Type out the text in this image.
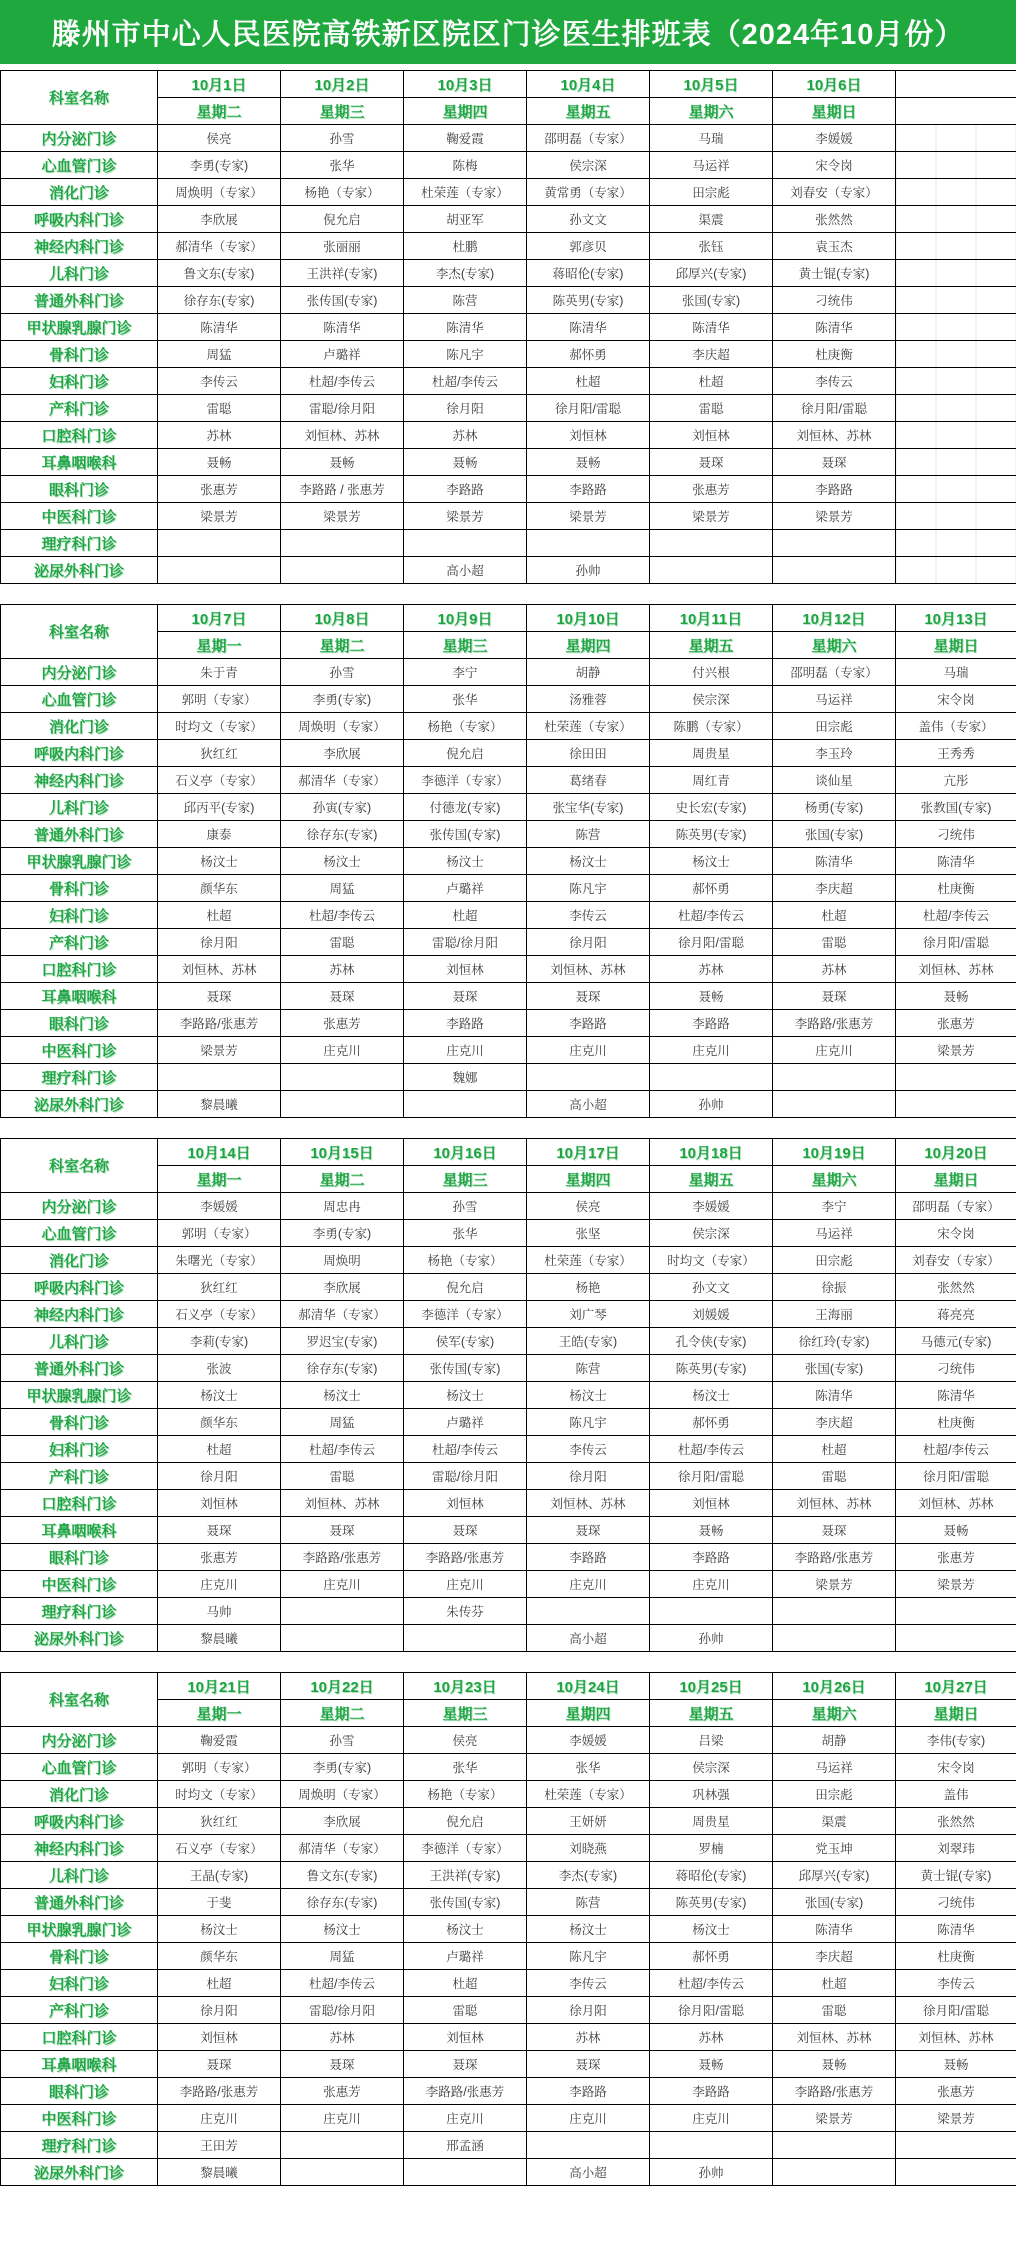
滕州市中心人民医院高铁新区院区门诊医生排班表（2024年10月份）
科室名称	10月1日	10月2日	10月3日	10月4日	10月5日	10月6日	
	星期二	星期三	星期四	星期五	星期六	星期日	
内分泌门诊	侯亮	孙雪	鞠爱霞	邵明磊（专家）	马瑞	李媛媛	
心血管门诊	李勇(专家)	张华	陈梅	侯宗深	马运祥	宋令岗	
消化门诊	周焕明（专家）	杨艳（专家）	杜荣莲（专家）	黄常勇（专家）	田宗彪	刘春安（专家）	
呼吸内科门诊	李欣展	倪允启	胡亚军	孙文文	渠震	张然然	
神经内科门诊	郝清华（专家）	张丽丽	杜鹏	郭彦贝	张钰	袁玉杰	
儿科门诊	鲁文东(专家)	王洪祥(专家)	李杰(专家)	蒋昭伦(专家)	邱厚兴(专家)	黄士锟(专家)	
普通外科门诊	徐存东(专家)	张传国(专家)	陈营	陈英男(专家)	张国(专家)	刁统伟	
甲状腺乳腺门诊	陈清华	陈清华	陈清华	陈清华	陈清华	陈清华	
骨科门诊	周猛	卢璐祥	陈凡宇	郝怀勇	李庆超	杜庚衡	
妇科门诊	李传云	杜超/李传云	杜超/李传云	杜超	杜超	李传云	
产科门诊	雷聪	雷聪/徐月阳	徐月阳	徐月阳/雷聪	雷聪	徐月阳/雷聪	
口腔科门诊	苏林	刘恒林、苏林	苏林	刘恒林	刘恒林	刘恒林、苏林	
耳鼻咽喉科	聂畅	聂畅	聂畅	聂畅	聂琛	聂琛	
眼科门诊	张惠芳	李路路 / 张惠芳	李路路	李路路	张惠芳	李路路	
中医科门诊	梁景芳	梁景芳	梁景芳	梁景芳	梁景芳	梁景芳	
理疗科门诊							
泌尿外科门诊			高小超	孙帅			
科室名称	10月7日	10月8日	10月9日	10月10日	10月11日	10月12日	10月13日
	星期一	星期二	星期三	星期四	星期五	星期六	星期日
内分泌门诊	朱于青	孙雪	李宁	胡静	付兴根	邵明磊（专家）	马瑞
心血管门诊	郭明（专家）	李勇(专家)	张华	汤雅蓉	侯宗深	马运祥	宋令岗
消化门诊	时均文（专家）	周焕明（专家）	杨艳（专家）	杜荣莲（专家）	陈鹏（专家）	田宗彪	盖伟（专家）
呼吸内科门诊	狄红红	李欣展	倪允启	徐田田	周贵星	李玉玲	王秀秀
神经内科门诊	石义亭（专家）	郝清华（专家）	李德洋（专家）	葛绪春	周红青	谈仙星	亢彤
儿科门诊	邱丙平(专家)	孙寅(专家)	付德龙(专家)	张宝华(专家)	史长宏(专家)	杨勇(专家)	张教国(专家)
普通外科门诊	康泰	徐存东(专家)	张传国(专家)	陈营	陈英男(专家)	张国(专家)	刁统伟
甲状腺乳腺门诊	杨汶士	杨汶士	杨汶士	杨汶士	杨汶士	陈清华	陈清华
骨科门诊	颜华东	周猛	卢璐祥	陈凡宇	郝怀勇	李庆超	杜庚衡
妇科门诊	杜超	杜超/李传云	杜超	李传云	杜超/李传云	杜超	杜超/李传云
产科门诊	徐月阳	雷聪	雷聪/徐月阳	徐月阳	徐月阳/雷聪	雷聪	徐月阳/雷聪
口腔科门诊	刘恒林、苏林	苏林	刘恒林	刘恒林、苏林	苏林	苏林	刘恒林、苏林
耳鼻咽喉科	聂琛	聂琛	聂琛	聂琛	聂畅	聂琛	聂畅
眼科门诊	李路路/张惠芳	张惠芳	李路路	李路路	李路路	李路路/张惠芳	张惠芳
中医科门诊	梁景芳	庄克川	庄克川	庄克川	庄克川	庄克川	梁景芳
理疗科门诊			魏娜				
泌尿外科门诊	黎晨曦			高小超	孙帅		
科室名称	10月14日	10月15日	10月16日	10月17日	10月18日	10月19日	10月20日
	星期一	星期二	星期三	星期四	星期五	星期六	星期日
内分泌门诊	李媛媛	周忠冉	孙雪	侯亮	李媛媛	李宁	邵明磊（专家）
心血管门诊	郭明（专家）	李勇(专家)	张华	张坚	侯宗深	马运祥	宋令岗
消化门诊	朱曙光（专家）	周焕明	杨艳（专家）	杜荣莲（专家）	时均文（专家）	田宗彪	刘春安（专家）
呼吸内科门诊	狄红红	李欣展	倪允启	杨艳	孙文文	徐振	张然然
神经内科门诊	石义亭（专家）	郝清华（专家）	李德洋（专家）	刘广琴	刘媛媛	王海丽	蒋亮亮
儿科门诊	李莉(专家)	罗迟宝(专家)	侯军(专家)	王皓(专家)	孔令侠(专家)	徐红玲(专家)	马德元(专家)
普通外科门诊	张波	徐存东(专家)	张传国(专家)	陈营	陈英男(专家)	张国(专家)	刁统伟
甲状腺乳腺门诊	杨汶士	杨汶士	杨汶士	杨汶士	杨汶士	陈清华	陈清华
骨科门诊	颜华东	周猛	卢璐祥	陈凡宇	郝怀勇	李庆超	杜庚衡
妇科门诊	杜超	杜超/李传云	杜超/李传云	李传云	杜超/李传云	杜超	杜超/李传云
产科门诊	徐月阳	雷聪	雷聪/徐月阳	徐月阳	徐月阳/雷聪	雷聪	徐月阳/雷聪
口腔科门诊	刘恒林	刘恒林、苏林	刘恒林	刘恒林、苏林	刘恒林	刘恒林、苏林	刘恒林、苏林
耳鼻咽喉科	聂琛	聂琛	聂琛	聂琛	聂畅	聂琛	聂畅
眼科门诊	张惠芳	李路路/张惠芳	李路路/张惠芳	李路路	李路路	李路路/张惠芳	张惠芳
中医科门诊	庄克川	庄克川	庄克川	庄克川	庄克川	梁景芳	梁景芳
理疗科门诊	马帅		朱传芬				
泌尿外科门诊	黎晨曦			高小超	孙帅		
科室名称	10月21日	10月22日	10月23日	10月24日	10月25日	10月26日	10月27日
	星期一	星期二	星期三	星期四	星期五	星期六	星期日
内分泌门诊	鞠爱霞	孙雪	侯亮	李媛媛	吕梁	胡静	李伟(专家)
心血管门诊	郭明（专家）	李勇(专家)	张华	张华	侯宗深	马运祥	宋令岗
消化门诊	时均文（专家）	周焕明（专家）	杨艳（专家）	杜荣莲（专家）	巩林强	田宗彪	盖伟
呼吸内科门诊	狄红红	李欣展	倪允启	王妍妍	周贵星	渠震	张然然
神经内科门诊	石义亭（专家）	郝清华（专家）	李德洋（专家）	刘晓燕	罗楠	党玉坤	刘翠玮
儿科门诊	王晶(专家)	鲁文东(专家)	王洪祥(专家)	李杰(专家)	蒋昭伦(专家)	邱厚兴(专家)	黄士锟(专家)
普通外科门诊	于斐	徐存东(专家)	张传国(专家)	陈营	陈英男(专家)	张国(专家)	刁统伟
甲状腺乳腺门诊	杨汶士	杨汶士	杨汶士	杨汶士	杨汶士	陈清华	陈清华
骨科门诊	颜华东	周猛	卢璐祥	陈凡宇	郝怀勇	李庆超	杜庚衡
妇科门诊	杜超	杜超/李传云	杜超	李传云	杜超/李传云	杜超	李传云
产科门诊	徐月阳	雷聪/徐月阳	雷聪	徐月阳	徐月阳/雷聪	雷聪	徐月阳/雷聪
口腔科门诊	刘恒林	苏林	刘恒林	苏林	苏林	刘恒林、苏林	刘恒林、苏林
耳鼻咽喉科	聂琛	聂琛	聂琛	聂琛	聂畅	聂畅	聂畅
眼科门诊	李路路/张惠芳	张惠芳	李路路/张惠芳	李路路	李路路	李路路/张惠芳	张惠芳
中医科门诊	庄克川	庄克川	庄克川	庄克川	庄克川	梁景芳	梁景芳
理疗科门诊	王田芳		邢孟涵				
泌尿外科门诊	黎晨曦			高小超	孙帅		
